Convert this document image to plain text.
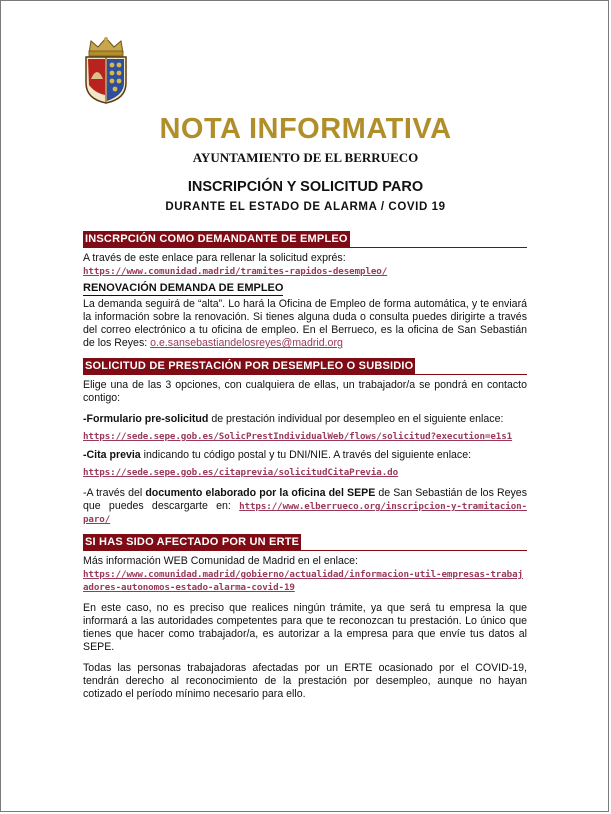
NOTA INFORMATIVA
AYUNTAMIENTO DE EL BERRUECO
INSCRIPCIÓN Y SOLICITUD PARO
DURANTE EL ESTADO DE ALARMA / COVID 19
INSCRPCIÓN COMO DEMANDANTE DE EMPLEO

A través de este enlace para rellenar la solicitud exprés:

https://www.comunidad.madrid/tramites-rapidos-desempleo/

RENOVACIÓN DEMANDA DE EMPLEO

La demanda seguirá de “alta”. Lo hará la Oficina de Empleo de forma automática, y te enviará la información sobre la renovación. Si tienes alguna duda o consulta puedes dirigirte a través del correo electrónico a tu oficina de empleo. En el Berrueco, es la oficina de San Sebastián de los Reyes: o.e.sansebastiandelosreyes@madrid.org

SOLICITUD DE PRESTACIÓN POR DESEMPLEO O SUBSIDIO

Elige una de las 3 opciones, con cualquiera de ellas, un trabajador/a se pondrá en contacto contigo:

-Formulario pre-solicitud de prestación individual por desempleo en el siguiente enlace:

https://sede.sepe.gob.es/SolicPrestIndividualWeb/flows/solicitud?execution=e1s1

-Cita previa indicando tu código postal y tu DNI/NIE. A través del siguiente enlace:

https://sede.sepe.gob.es/citaprevia/solicitudCitaPrevia.do

-A través del documento elaborado por la oficina del SEPE de San Sebastián de los Reyes que puedes descargarte en: https://www.elberrueco.org/inscripcion-y-tramitacion-paro/

SI HAS SIDO AFECTADO POR UN ERTE

Más información WEB Comunidad de Madrid en el enlace:

https://www.comunidad.madrid/gobierno/actualidad/informacion-util-empresas-trabajadores-autonomos-estado-alarma-covid-19

En este caso, no es preciso que realices ningún trámite, ya que será tu empresa la que informará a las autoridades competentes para que te reconozcan tu prestación. Lo único que tienes que hacer como trabajador/a, es autorizar a la empresa para que envíe tus datos al SEPE.

Todas las personas trabajadoras afectadas por un ERTE ocasionado por el COVID-19, tendrán derecho al reconocimiento de la prestación por desempleo, aunque no hayan cotizado el período mínimo necesario para ello.
